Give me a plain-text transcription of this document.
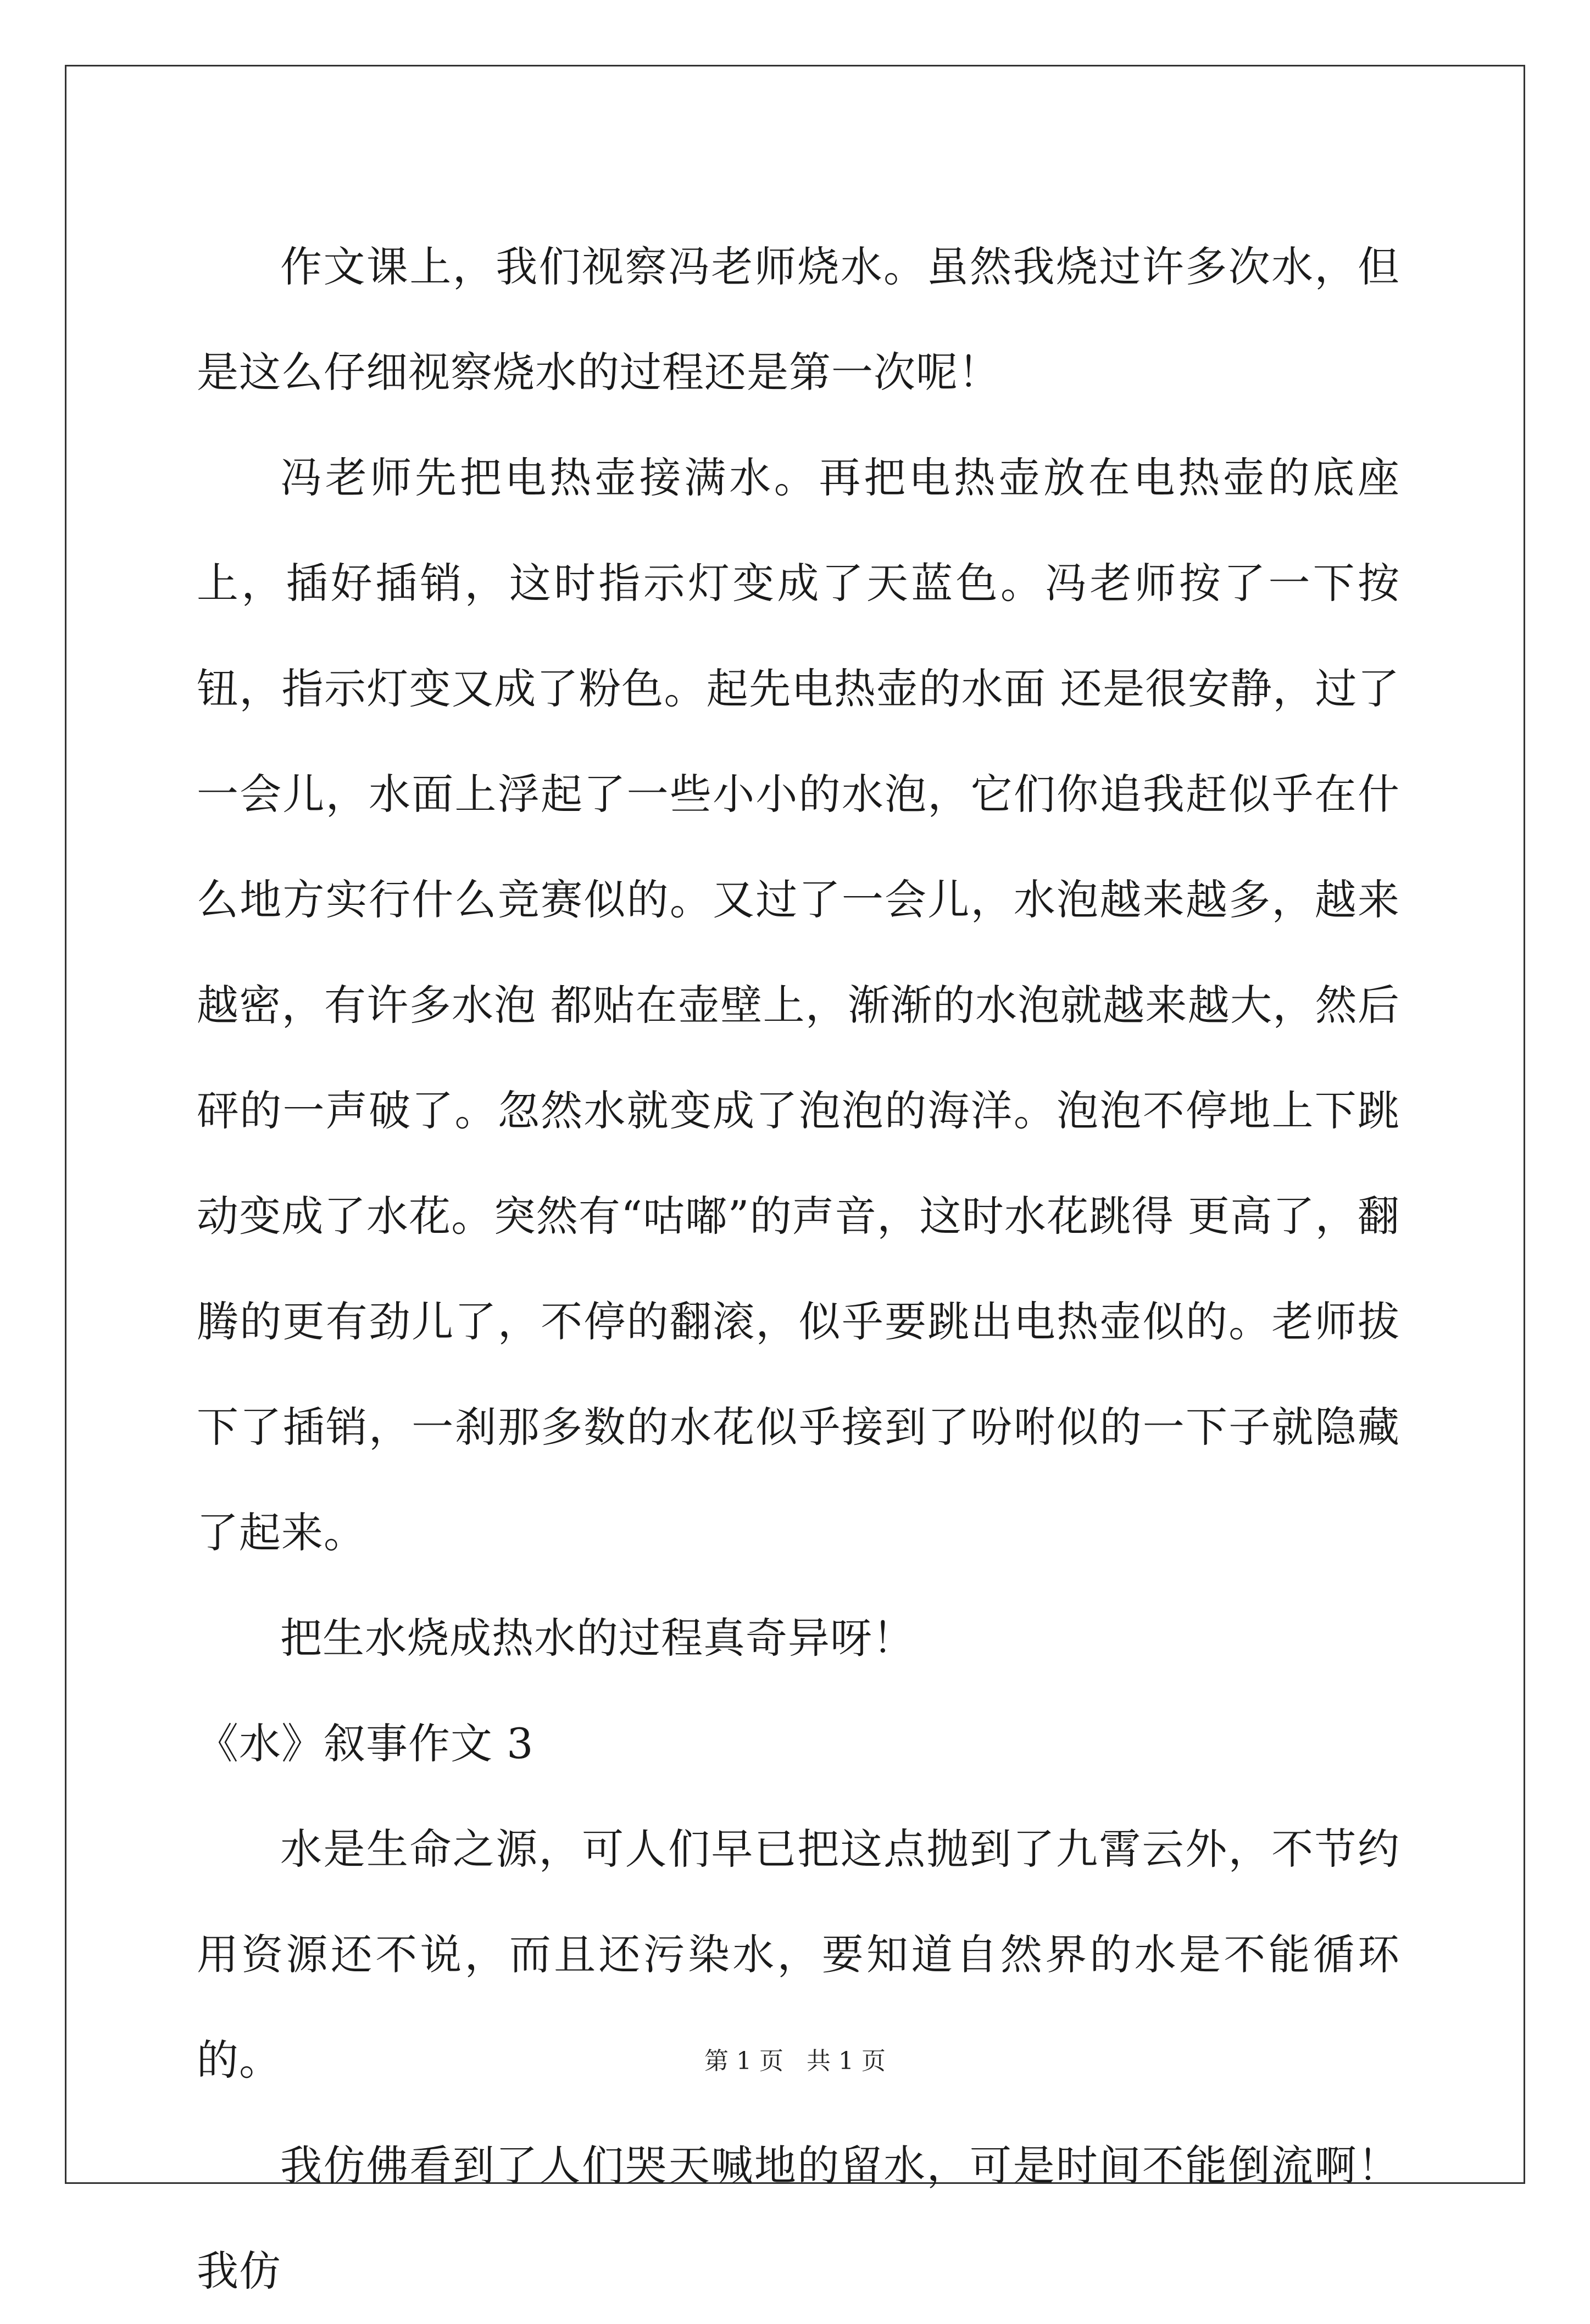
作文课上，我们视察冯老师烧水。虽然我烧过许多次水，但是这么仔细视察烧水的过程还是第一次呢！

冯老师先把电热壶接满水。再把电热壶放在电热壶的底座上，插好插销，这时指示灯变成了天蓝色。冯老师按了一下按钮，指示灯变又成了粉色。起先电热壶的水面 还是很安静，过了一会儿，水面上浮起了一些小小的水泡，它们你追我赶似乎在什么地方实行什么竞赛似的。又过了一会儿，水泡越来越多，越来越密，有许多水泡 都贴在壶壁上，渐渐的水泡就越来越大，然后砰的一声破了。忽然水就变成了泡泡的海洋。泡泡不停地上下跳动变成了水花。突然有“咕嘟”的声音，这时水花跳得 更高了，翻腾的更有劲儿了，不停的翻滚，似乎要跳出电热壶似的。老师拔下了插销，一刹那多数的水花似乎接到了吩咐似的一下子就隐藏了起来。

把生水烧成热水的过程真奇异呀！

《水》叙事作文 3

水是生命之源，可人们早已把这点抛到了九霄云外，不节约用资源还不说，而且还污染水，要知道自然界的水是不能循环的。

我仿佛看到了人们哭天喊地的留水，可是时间不能倒流啊！我仿

第 1 页 共 1 页
